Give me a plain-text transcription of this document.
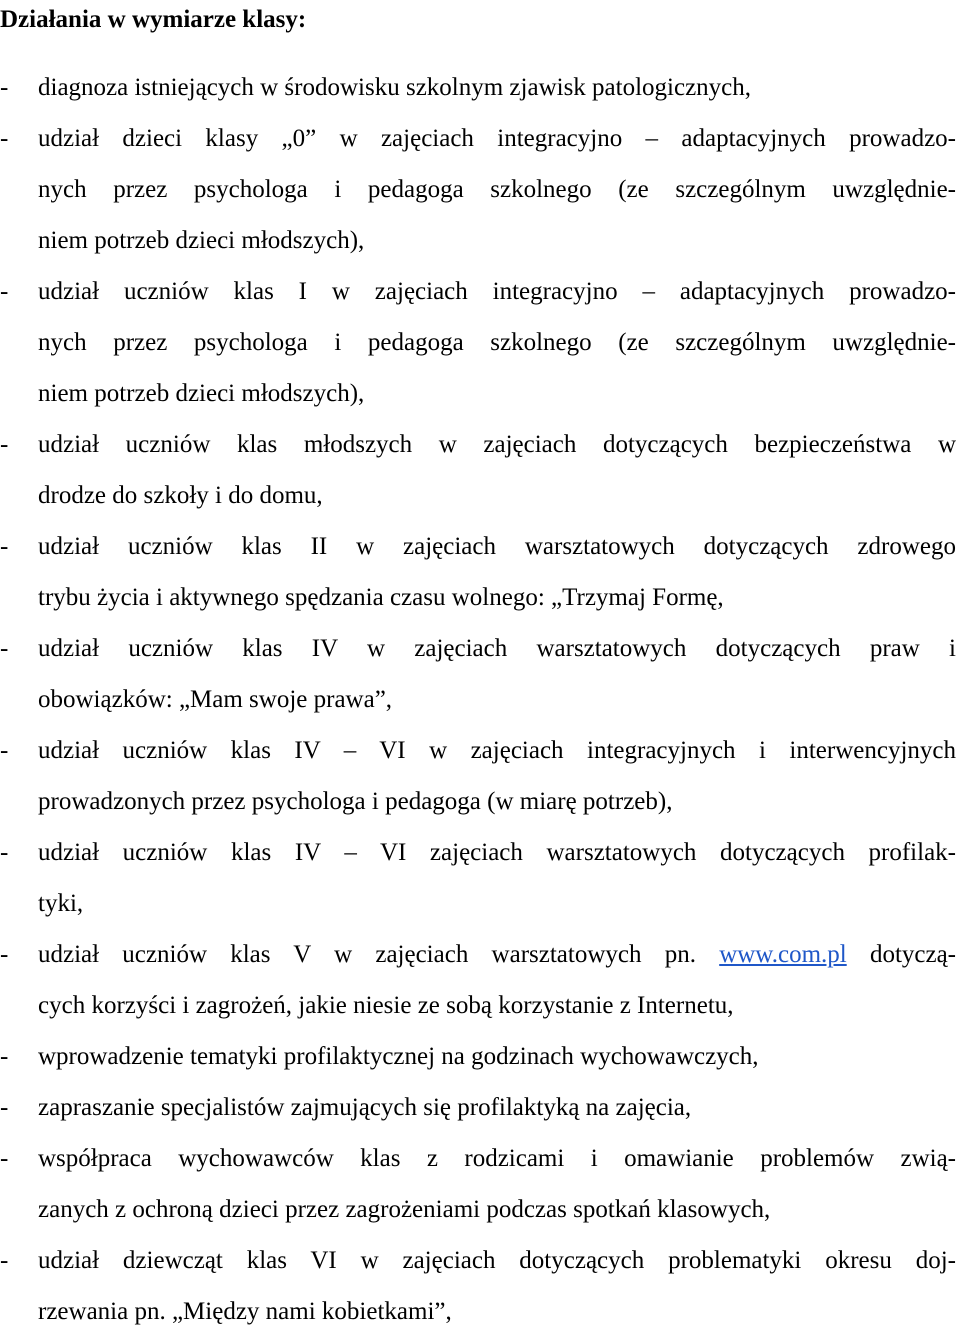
Działania w wymiarze klasy:
-	diagnoza istniejących w środowisku szkolnym zjawisk patologicznych,
-	udział dzieci klasy „0” w zajęciach integracyjno – adaptacyjnych prowadzo-
nych przez psychologa i pedagoga szkolnego (ze szczególnym uwzględnie-
niem potrzeb dzieci młodszych),
-	udział uczniów klas I w zajęciach integracyjno – adaptacyjnych prowadzo-
nych przez psychologa i pedagoga szkolnego (ze szczególnym uwzględnie-
niem potrzeb dzieci młodszych),
-	udział uczniów klas młodszych w zajęciach dotyczących bezpieczeństwa w
drodze do szkoły i do domu,
-	udział uczniów klas II w zajęciach warsztatowych dotyczących zdrowego
trybu życia i aktywnego spędzania czasu wolnego: „Trzymaj Formę,
-	udział uczniów klas IV w zajęciach warsztatowych dotyczących praw i
obowiązków: „Mam swoje prawa”,
-	udział uczniów klas IV – VI w zajęciach integracyjnych i interwencyjnych
prowadzonych przez psychologa i pedagoga (w miarę potrzeb),
-	udział uczniów klas IV – VI zajęciach warsztatowych dotyczących profilak-
tyki,
-	udział uczniów klas V w zajęciach warsztatowych pn. www.com.pl dotyczą-
cych korzyści i zagrożeń, jakie niesie ze sobą korzystanie z Internetu,
-	wprowadzenie tematyki profilaktycznej na godzinach wychowawczych,
-	zapraszanie specjalistów zajmujących się profilaktyką na zajęcia,
-	współpraca wychowawców klas z rodzicami i omawianie problemów zwią-
zanych z ochroną dzieci przez zagrożeniami podczas spotkań klasowych,
-	udział dziewcząt klas VI w zajęciach dotyczących problematyki okresu doj-
rzewania pn. „Między nami kobietkami”,
